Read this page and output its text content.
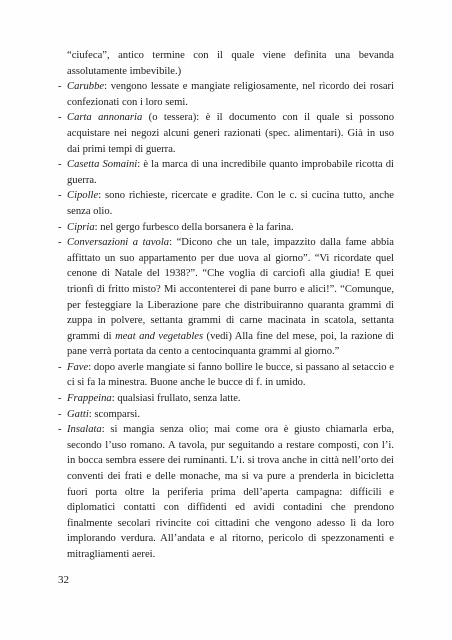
“ciufeca”, antico termine con il quale viene definita una bevanda assolutamente imbevibile.)

- Carubbe: vengono lessate e mangiate religiosamente, nel ricordo dei rosari confezionati con i loro semi.

- Carta annonaria (o tessera): è il documento con il quale si possono acquistare nei negozi alcuni generi razionati (spec. alimentari). Già in uso dai primi tempi di guerra.

- Casetta Somaini: è la marca di una incredibile quanto improbabile ricotta di guerra.

- Cipolle: sono richieste, ricercate e gradite. Con le c. si cucina tutto, anche senza olio.

- Cipria: nel gergo furbesco della borsanera è la farina.

- Conversazioni a tavola: “Dicono che un tale, impazzito dalla fame abbia affittato un suo appartamento per due uova al giorno”. “Vi ricordate quel cenone di Natale del 1938?”. “Che voglia di carciofi alla giudia! E quei trionfi di fritto misto? Mi accontenterei di pane burro e alici!”. “Comunque, per festeggiare la Liberazione pare che distribuiranno quaranta grammi di zuppa in polvere, settanta grammi di carne macinata in scatola, settanta grammi di meat and vegetables (vedi) Alla fine del mese, poi, la razione di pane verrà portata da cento a centocinquanta grammi al giorno.”

- Fave: dopo averle mangiate si fanno bollire le bucce, si passano al setaccio e ci si fa la minestra. Buone anche le bucce di f. in umido.

- Frappeina: qualsiasi frullato, senza latte.

- Gatti: scomparsi.

- Insalata: si mangia senza olio; mai come ora è giusto chiamarla erba, secondo l’uso romano. A tavola, pur seguitando a restare composti, con l’i. in bocca sembra essere dei ruminanti. L’i. si trova anche in città nell’orto dei conventi dei frati e delle monache, ma si va pure a prenderla in bicicletta fuori porta oltre la periferia prima dell’aperta campagna: difficili e diplomatici contatti con diffidenti ed avidi contadini che prendono finalmente secolari rivincite coi cittadini che vengono adesso lì da loro implorando verdura. All’andata e al ritorno, pericolo di spezzonamenti e mitragliamenti aerei.

32
